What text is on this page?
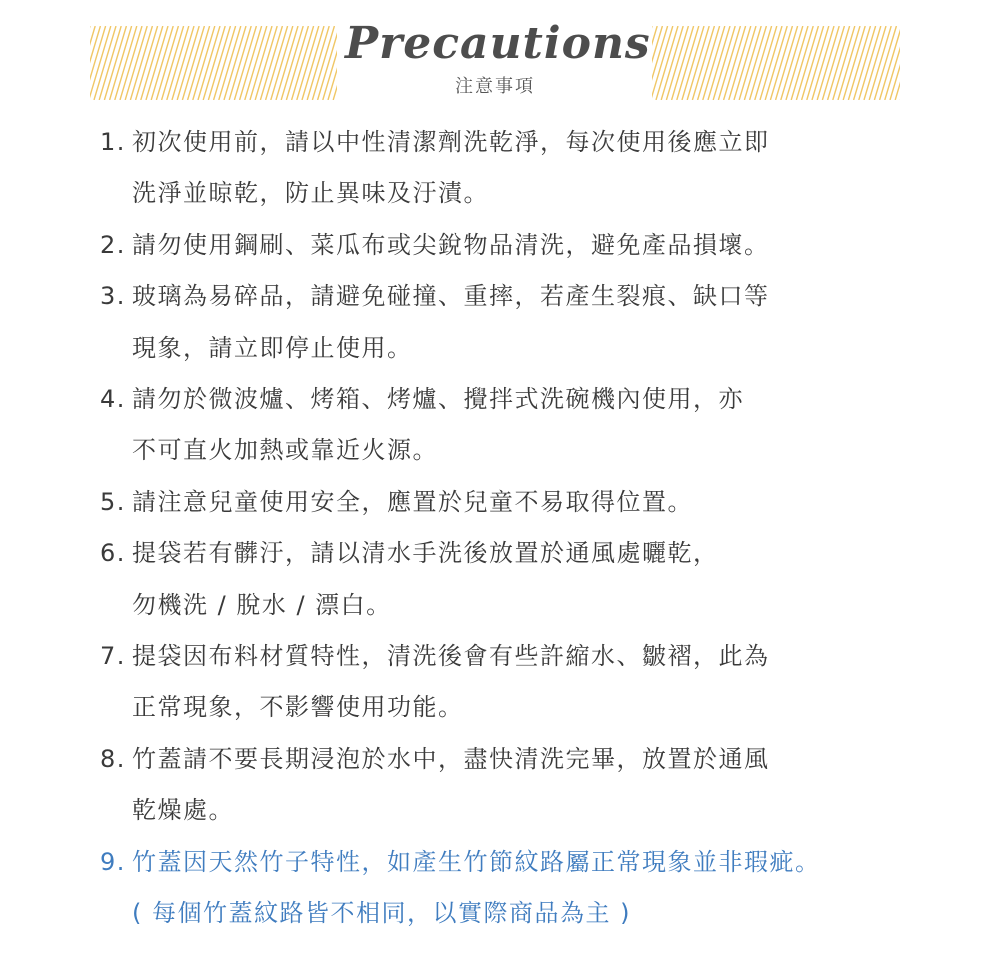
Precautions
注意事項
1. 初次使用前，請以中性清潔劑洗乾淨，每次使用後應立即
洗淨並晾乾，防止異味及汙漬。
2. 請勿使用鋼刷、菜瓜布或尖銳物品清洗，避免產品損壞。
3. 玻璃為易碎品，請避免碰撞、重摔，若產生裂痕、缺口等
現象，請立即停止使用。
4. 請勿於微波爐、烤箱、烤爐、攪拌式洗碗機內使用，亦
不可直火加熱或靠近火源。
5. 請注意兒童使用安全，應置於兒童不易取得位置。
6. 提袋若有髒汙，請以清水手洗後放置於通風處曬乾，
勿機洗 / 脫水 / 漂白。
7. 提袋因布料材質特性，清洗後會有些許縮水、皺褶，此為
正常現象，不影響使用功能。
8. 竹蓋請不要長期浸泡於水中，盡快清洗完畢，放置於通風
乾燥處。
9. 竹蓋因天然竹子特性，如產生竹節紋路屬正常現象並非瑕疵。
( 每個竹蓋紋路皆不相同，以實際商品為主 )
